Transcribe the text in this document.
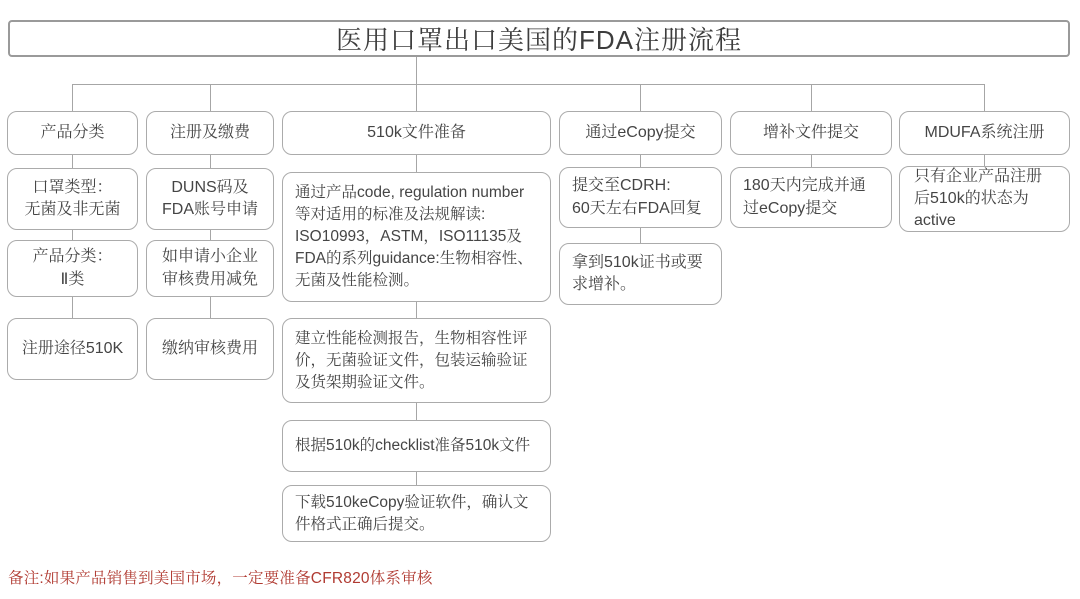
医用口罩出口美国的FDA注册流程
产品分类
口罩类型：
无菌及非无菌
产品分类：
Ⅱ类
注册途径510K
注册及缴费
DUNS码及
FDA账号申请
如申请小企业
审核费用减免
缴纳审核费用
510k文件准备
通过产品code, regulation number等对适用的标准及法规解读: ISO10993，ASTM，ISO11135及FDA的系列guidance:生物相容性、无菌及性能检测。
建立性能检测报告，生物相容性评价，无菌验证文件，包装运输验证及货架期验证文件。
根据510k的checklist准备510k文件
下载510keCopy验证软件，确认文件格式正确后提交。
通过eCopy提交
提交至CDRH:
60天左右FDA回复
拿到510k证书或要求增补。
增补文件提交
180天内完成并通过eCopy提交
MDUFA系统注册
只有企业产品注册后510k的状态为active
备注:如果产品销售到美国市场，一定要准备CFR820体系审核
